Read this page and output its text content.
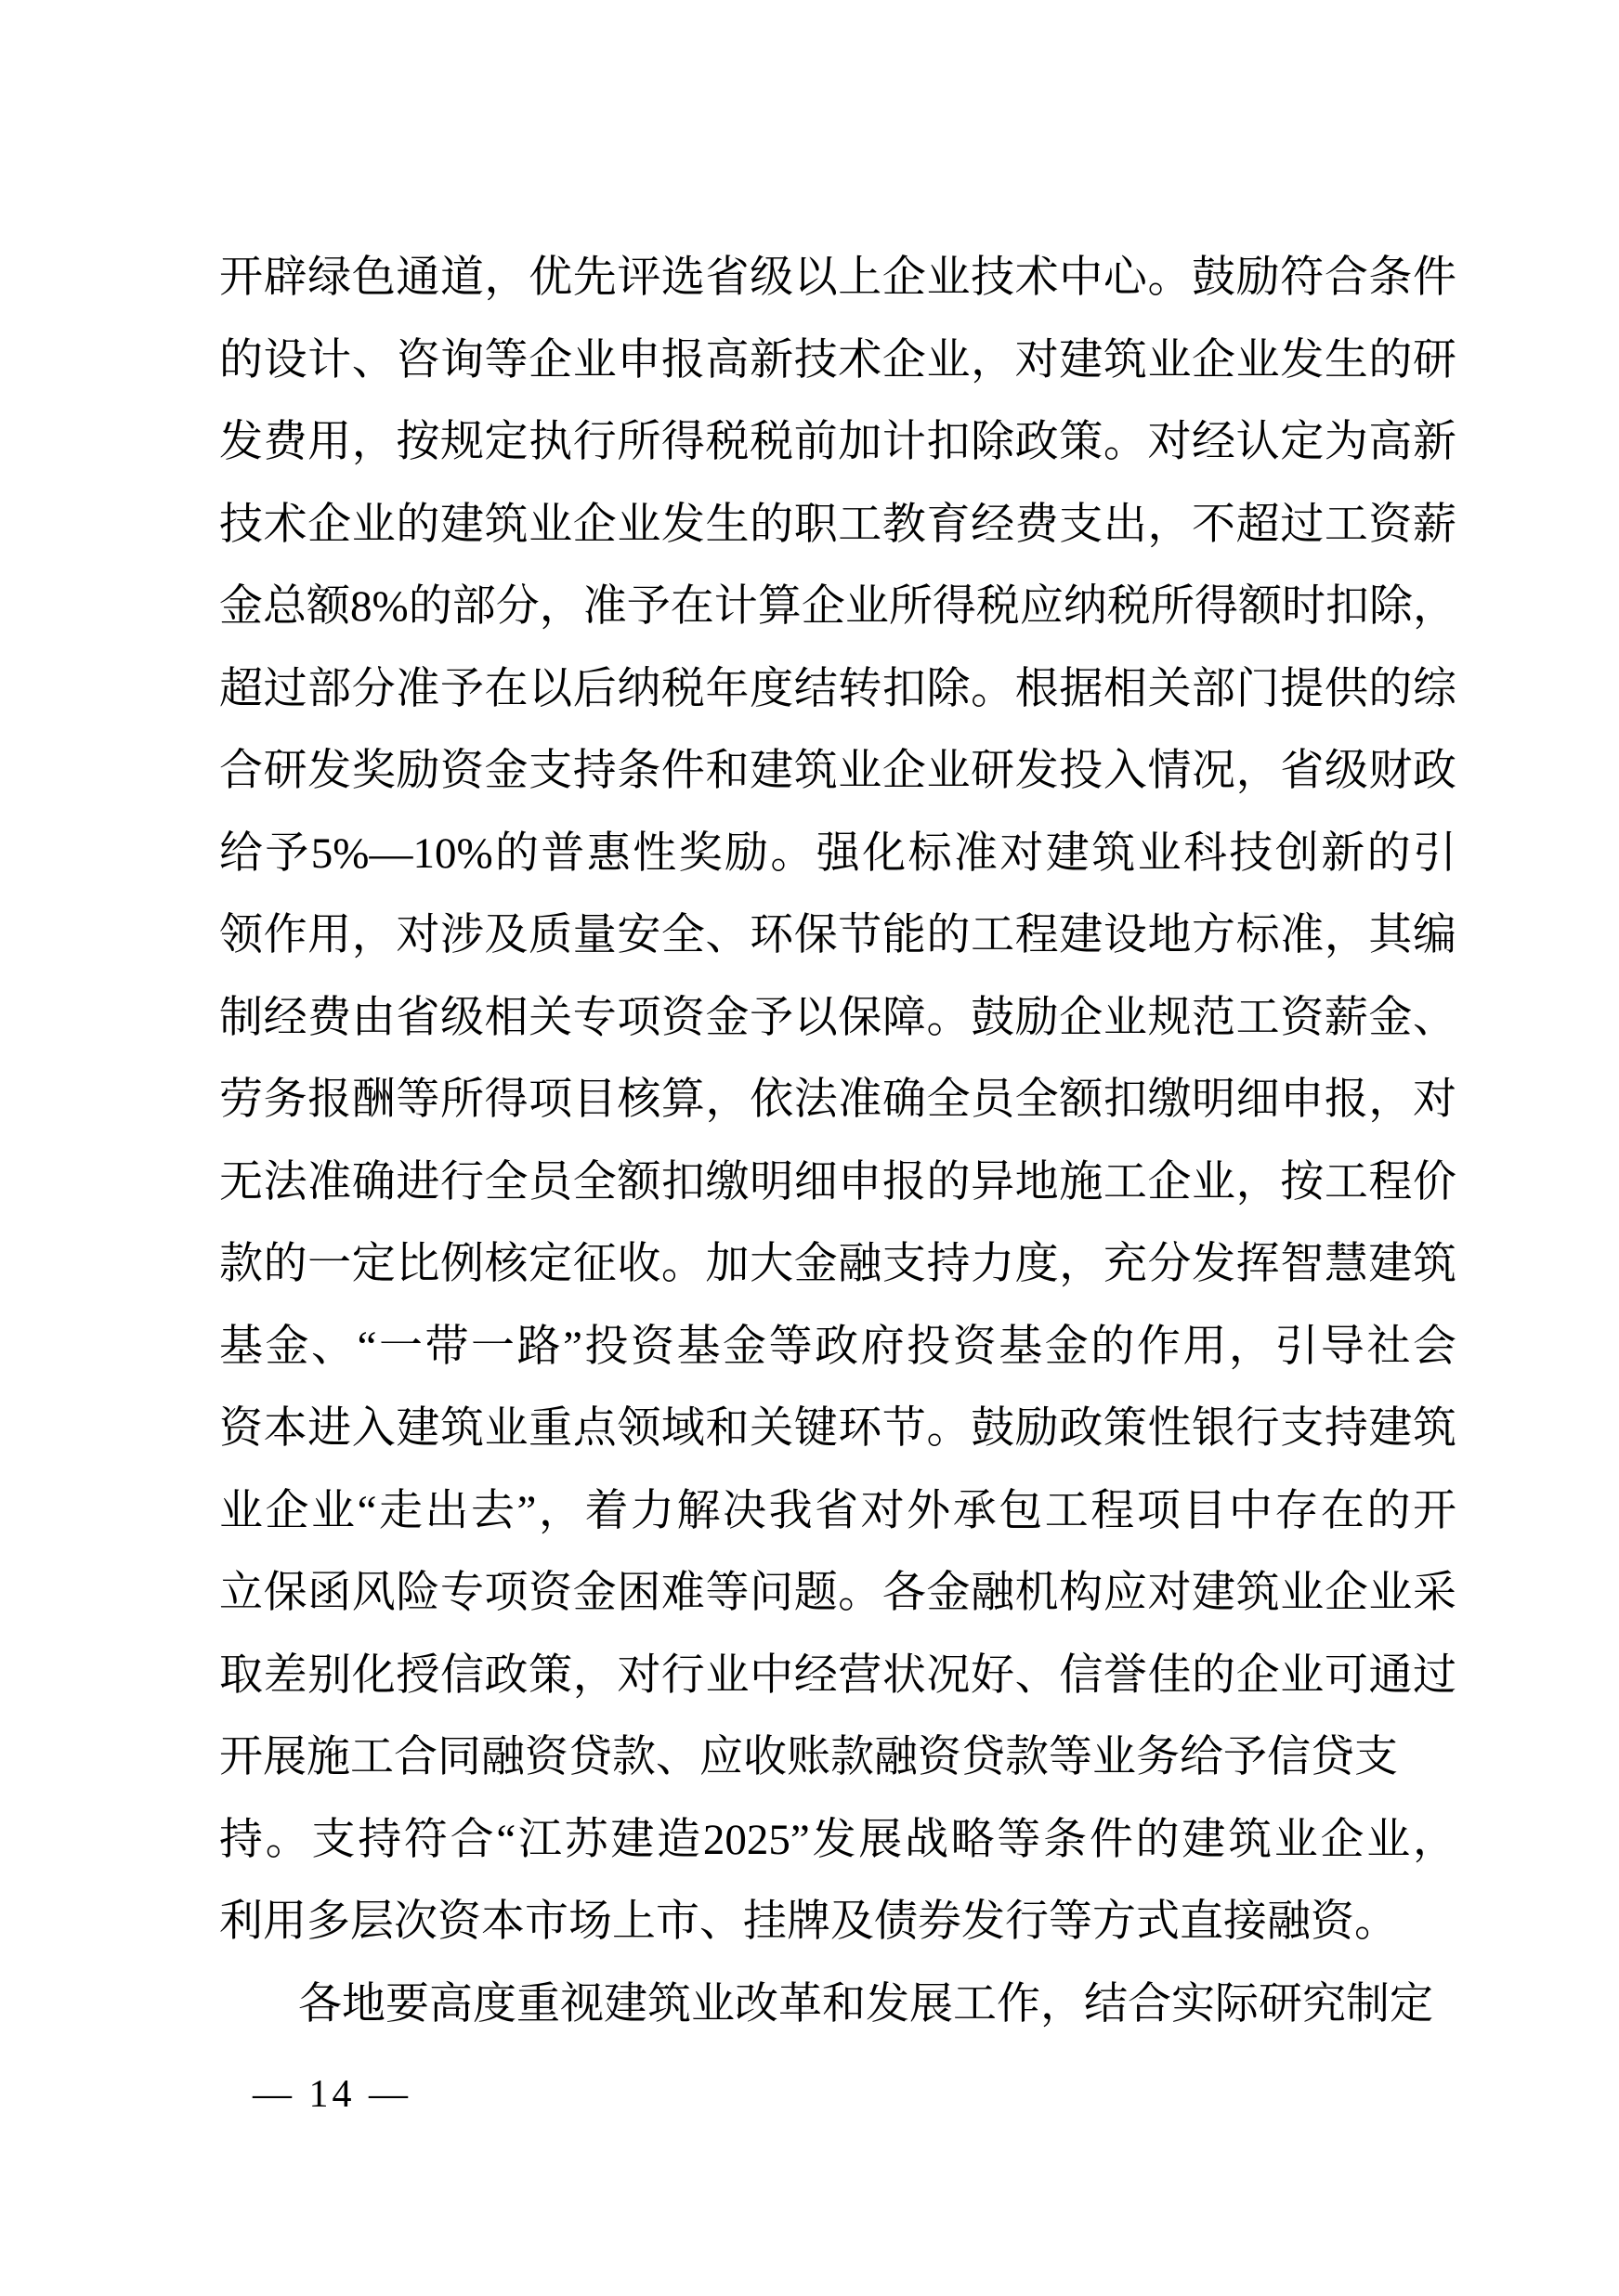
开辟绿色通道，优先评选省级以上企业技术中心。鼓励符合条件
的设计、咨询等企业申报高新技术企业，对建筑业企业发生的研
发费用，按规定执行所得税税前加计扣除政策。对经认定为高新
技术企业的建筑业企业发生的职工教育经费支出，不超过工资薪
金总额8%的部分，准予在计算企业所得税应纳税所得额时扣除，
超过部分准予在以后纳税年度结转扣除。根据相关部门提供的综
合研发奖励资金支持条件和建筑业企业研发投入情况，省级财政
给予5%—10%的普惠性奖励。强化标准对建筑业科技创新的引
领作用，对涉及质量安全、环保节能的工程建设地方标准，其编
制经费由省级相关专项资金予以保障。鼓励企业规范工资薪金、
劳务报酬等所得项目核算，依法准确全员全额扣缴明细申报，对
无法准确进行全员全额扣缴明细申报的异地施工企业，按工程价
款的一定比例核定征收。加大金融支持力度，充分发挥智慧建筑
基金、“一带一路”投资基金等政府投资基金的作用，引导社会
资本进入建筑业重点领域和关键环节。鼓励政策性银行支持建筑
业企业“走出去”，着力解决我省对外承包工程项目中存在的开
立保函风险专项资金困难等问题。各金融机构应对建筑业企业采
取差别化授信政策，对行业中经营状况好、信誉佳的企业可通过
开展施工合同融资贷款、应收账款融资贷款等业务给予信贷支
持。支持符合“江苏建造2025”发展战略等条件的建筑业企业，
利用多层次资本市场上市、挂牌及债券发行等方式直接融资。
各地要高度重视建筑业改革和发展工作，结合实际研究制定
— 14 —
